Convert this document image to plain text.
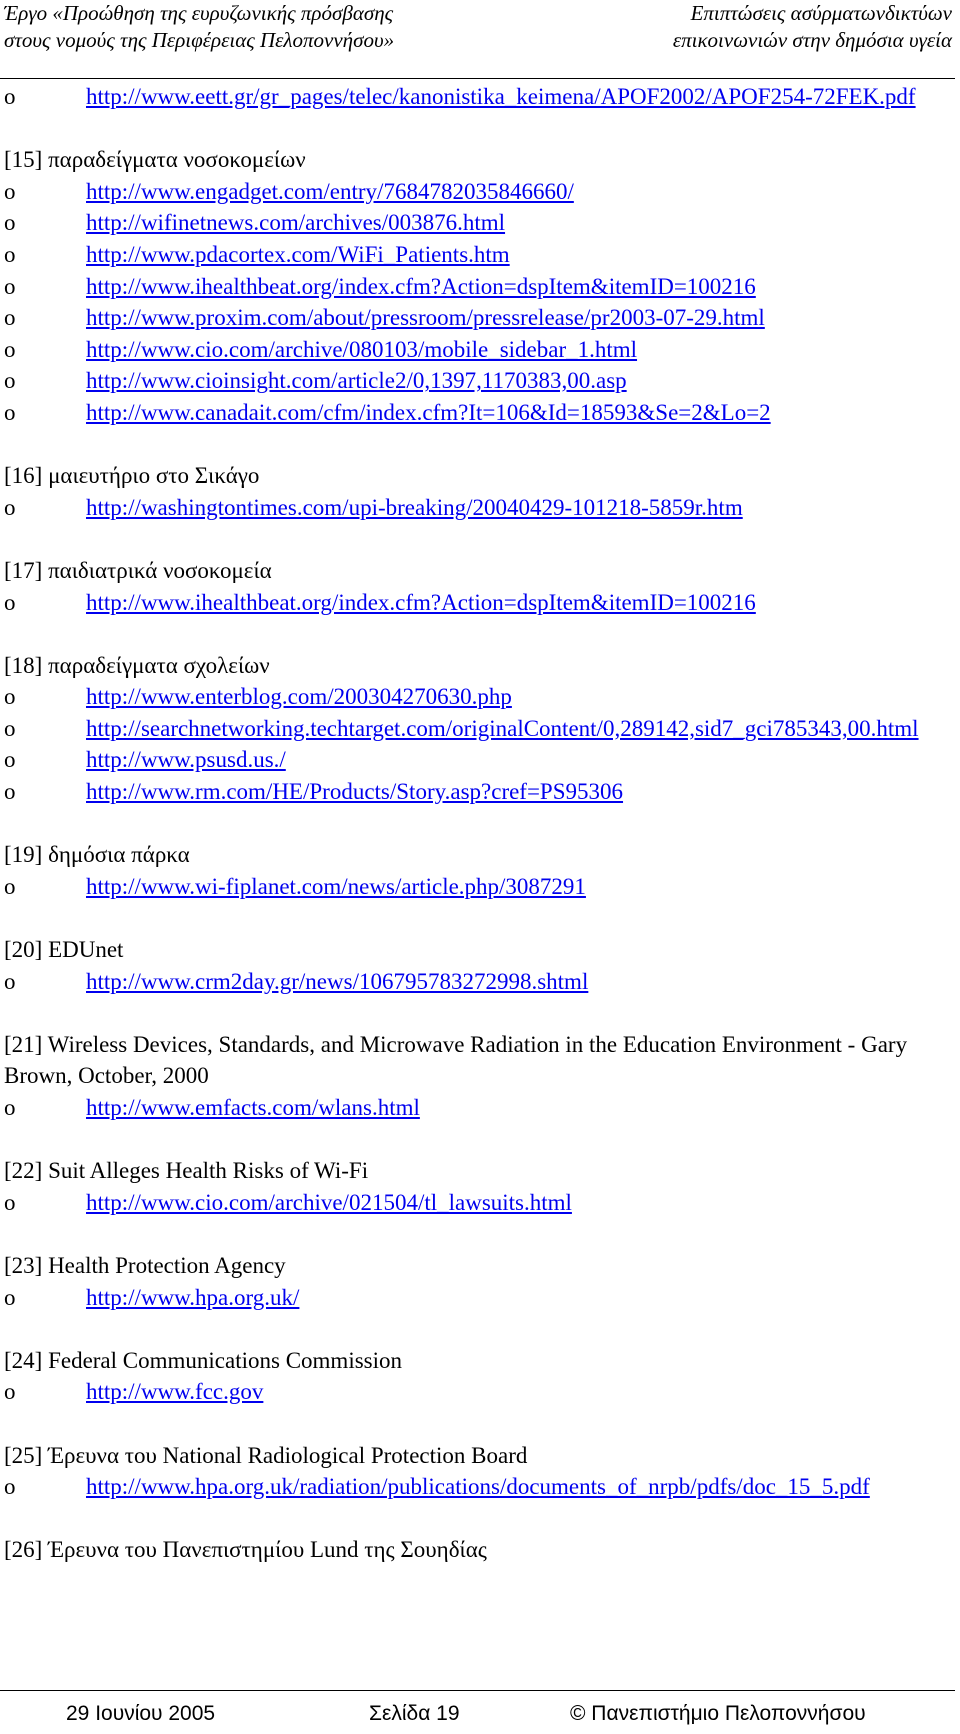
Έργο «Προώθηση της ευρυζωνικής πρόσβασης
στους νομούς της Περιφέρειας Πελοποννήσου»
Επιπτώσεις ασύρματωνδικτύων
επικοινωνιών στην δημόσια υγεία
o	http://www.eett.gr/gr_pages/telec/kanonistika_keimena/APOF2002/APOF254-72FEK.pdf
[15] παραδείγματα νοσοκομείων
o	http://www.engadget.com/entry/7684782035846660/
o	http://wifinetnews.com/archives/003876.html
o	http://www.pdacortex.com/WiFi_Patients.htm
o	http://www.ihealthbeat.org/index.cfm?Action=dspItem&itemID=100216
o	http://www.proxim.com/about/pressroom/pressrelease/pr2003-07-29.html
o	http://www.cio.com/archive/080103/mobile_sidebar_1.html
o	http://www.cioinsight.com/article2/0,1397,1170383,00.asp
o	http://www.canadait.com/cfm/index.cfm?It=106&Id=18593&Se=2&Lo=2
[16] μαιευτήριο στο Σικάγο
o	http://washingtontimes.com/upi-breaking/20040429-101218-5859r.htm
[17] παιδιατρικά νοσοκομεία
o	http://www.ihealthbeat.org/index.cfm?Action=dspItem&itemID=100216
[18] παραδείγματα σχολείων
o	http://www.enterblog.com/200304270630.php
o	http://searchnetworking.techtarget.com/originalContent/0,289142,sid7_gci785343,00.html
o	http://www.psusd.us./
o	http://www.rm.com/HE/Products/Story.asp?cref=PS95306
[19] δημόσια πάρκα
o	http://www.wi-fiplanet.com/news/article.php/3087291
[20] EDUnet
o	http://www.crm2day.gr/news/106795783272998.shtml
[21] Wireless Devices, Standards, and Microwave Radiation in the Education Environment - Gary Brown, October, 2000
o	http://www.emfacts.com/wlans.html
[22] Suit Alleges Health Risks of Wi-Fi
o	http://www.cio.com/archive/021504/tl_lawsuits.html
[23] Health Protection Agency
o	http://www.hpa.org.uk/
[24] Federal Communications Commission
o	http://www.fcc.gov
[25] Έρευνα του National Radiological Protection Board
o	http://www.hpa.org.uk/radiation/publications/documents_of_nrpb/pdfs/doc_15_5.pdf
[26] Έρευνα του Πανεπιστημίου Lund της Σουηδίας
29 Ιουνίου 2005	Σελίδα 19	© Πανεπιστήμιο Πελοποννήσου
